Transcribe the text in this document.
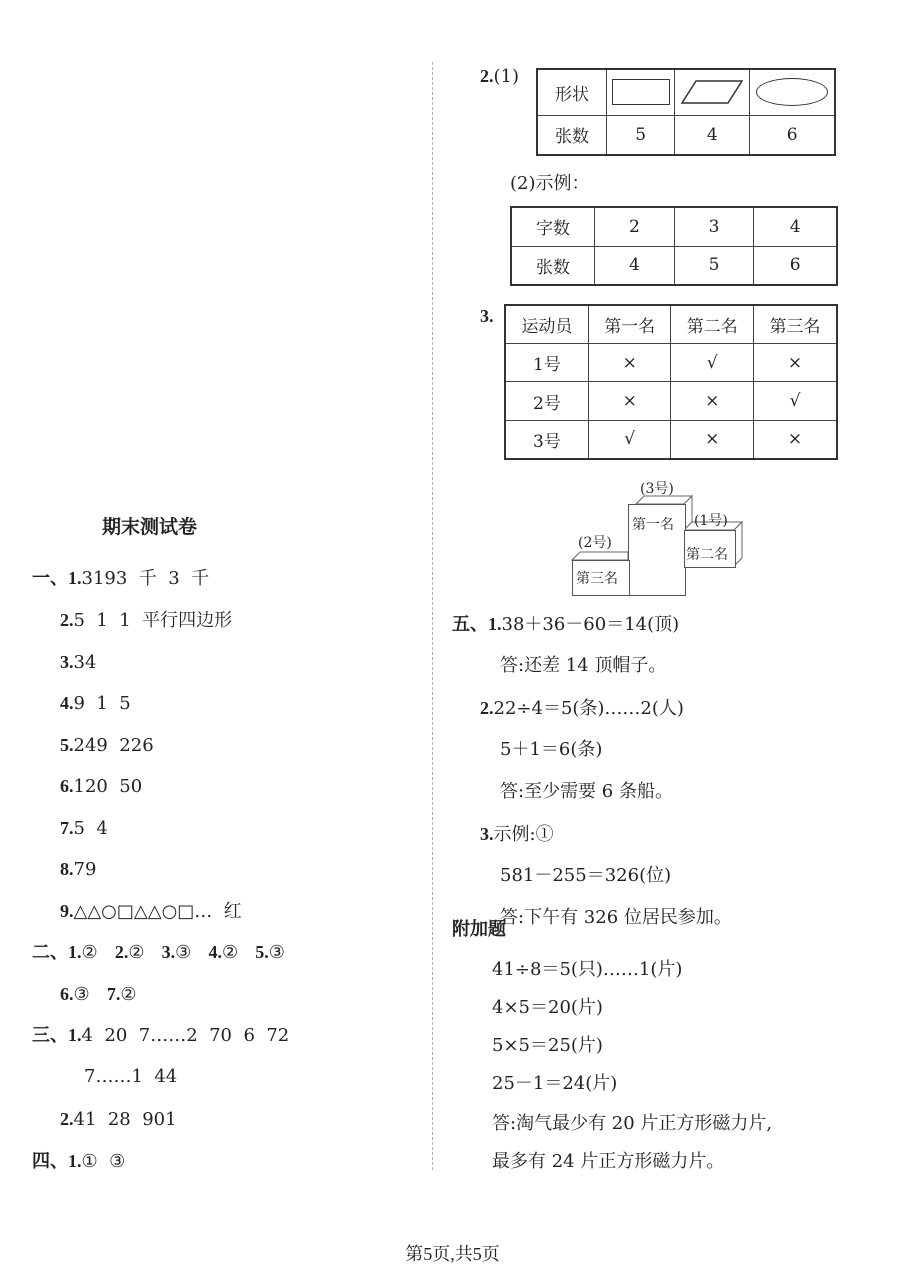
期末测试卷
一、1.3193  千  3  千
2.5  1  1  平行四边形
3.34
4.9  1  5
5.249  226
6.120  50
7.5  4
8.79
9.△△○□△△○□…  红
二、1.② 2.② 3.③ 4.② 5.③
6.③ 7.②
三、1.4  20  7……2  70  6  72
7……1  44
2.41  28  901
四、1.①  ③
2.(1)
形状			
张数	5	4	6
(2)示例：
字数	2	3	4
张数	4	5	6
3.
运动员	第一名	第二名	第三名
1号	×	√	×
2号	×	×	√
3号	√	×	×
(3号)
第一名 (1号)
第二名
(2号)
第三名
五、1.38＋36－60＝14(顶)
答:还差 14 顶帽子。
2.22÷4＝5(条)……2(人)
5＋1＝6(条)
答:至少需要 6 条船。
3.示例:①
581－255＝326(位)
答:下午有 326 位居民参加。
附加题
41÷8＝5(只)……1(片)
4×5＝20(片)
5×5＝25(片)
25－1＝24(片)
答:淘气最少有 20 片正方形磁力片,
最多有 24 片正方形磁力片。
第5页,共5页
